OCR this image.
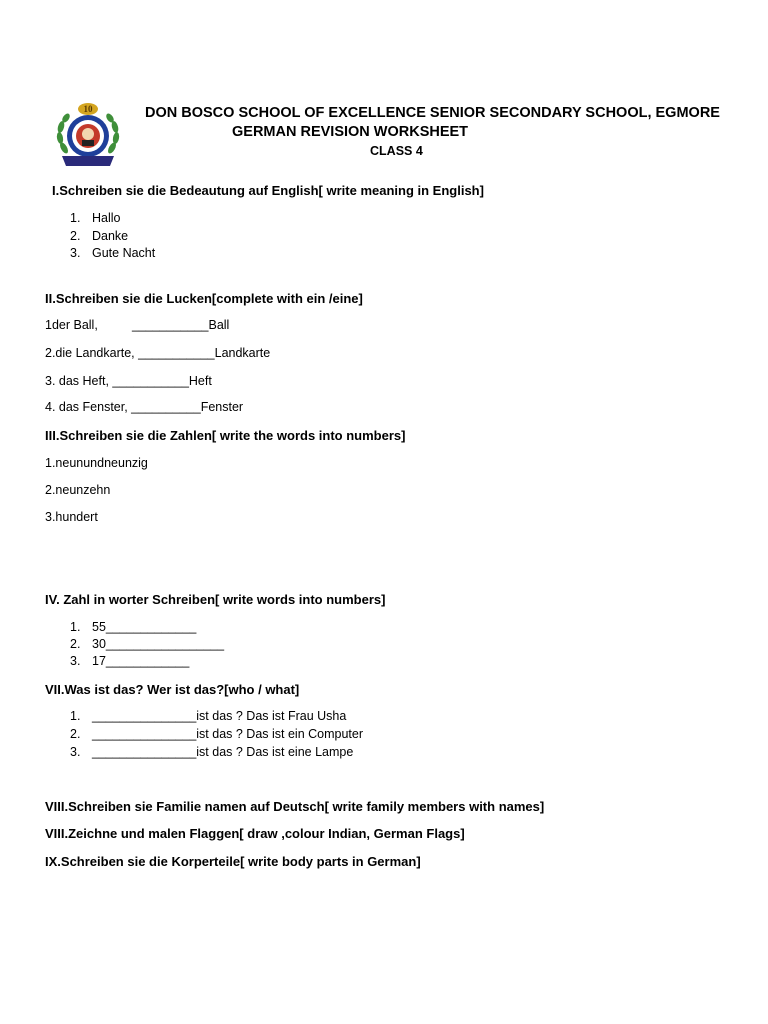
10	DON BOSCO SCHOOL OF EXCELLENCE SENIOR SECONDARY SCHOOL, EGMORE
GERMAN REVISION WORKSHEET
CLASS 4
I.Schreiben sie die Bedeautung auf English[ write meaning in English]
1. Hallo
2. Danke
3. Gute Nacht
II.Schreiben sie die Lucken[complete with ein /eine]
1der Ball,	___________Ball
2.die Landkarte, ___________Landkarte
3. das Heft, ___________Heft
4. das Fenster, __________Fenster
III.Schreiben sie die Zahlen[ write the words into numbers]
1.neunundneunzig
2.neunzehn
3.hundert
IV. Zahl in worter Schreiben[ write words into numbers]
1. 55_____________
2. 30_________________
3. 17____________
VII.Was ist das? Wer ist das?[who / what]
1. _______________ist das ? Das ist Frau Usha
2. _______________ist das ? Das ist ein Computer
3. _______________ist das ? Das ist eine Lampe
VIII.Schreiben sie Familie namen auf Deutsch[ write family members with names]
VIII.Zeichne und malen Flaggen[ draw ,colour Indian, German Flags]
IX.Schreiben sie die Korperteile[ write body parts in German]
